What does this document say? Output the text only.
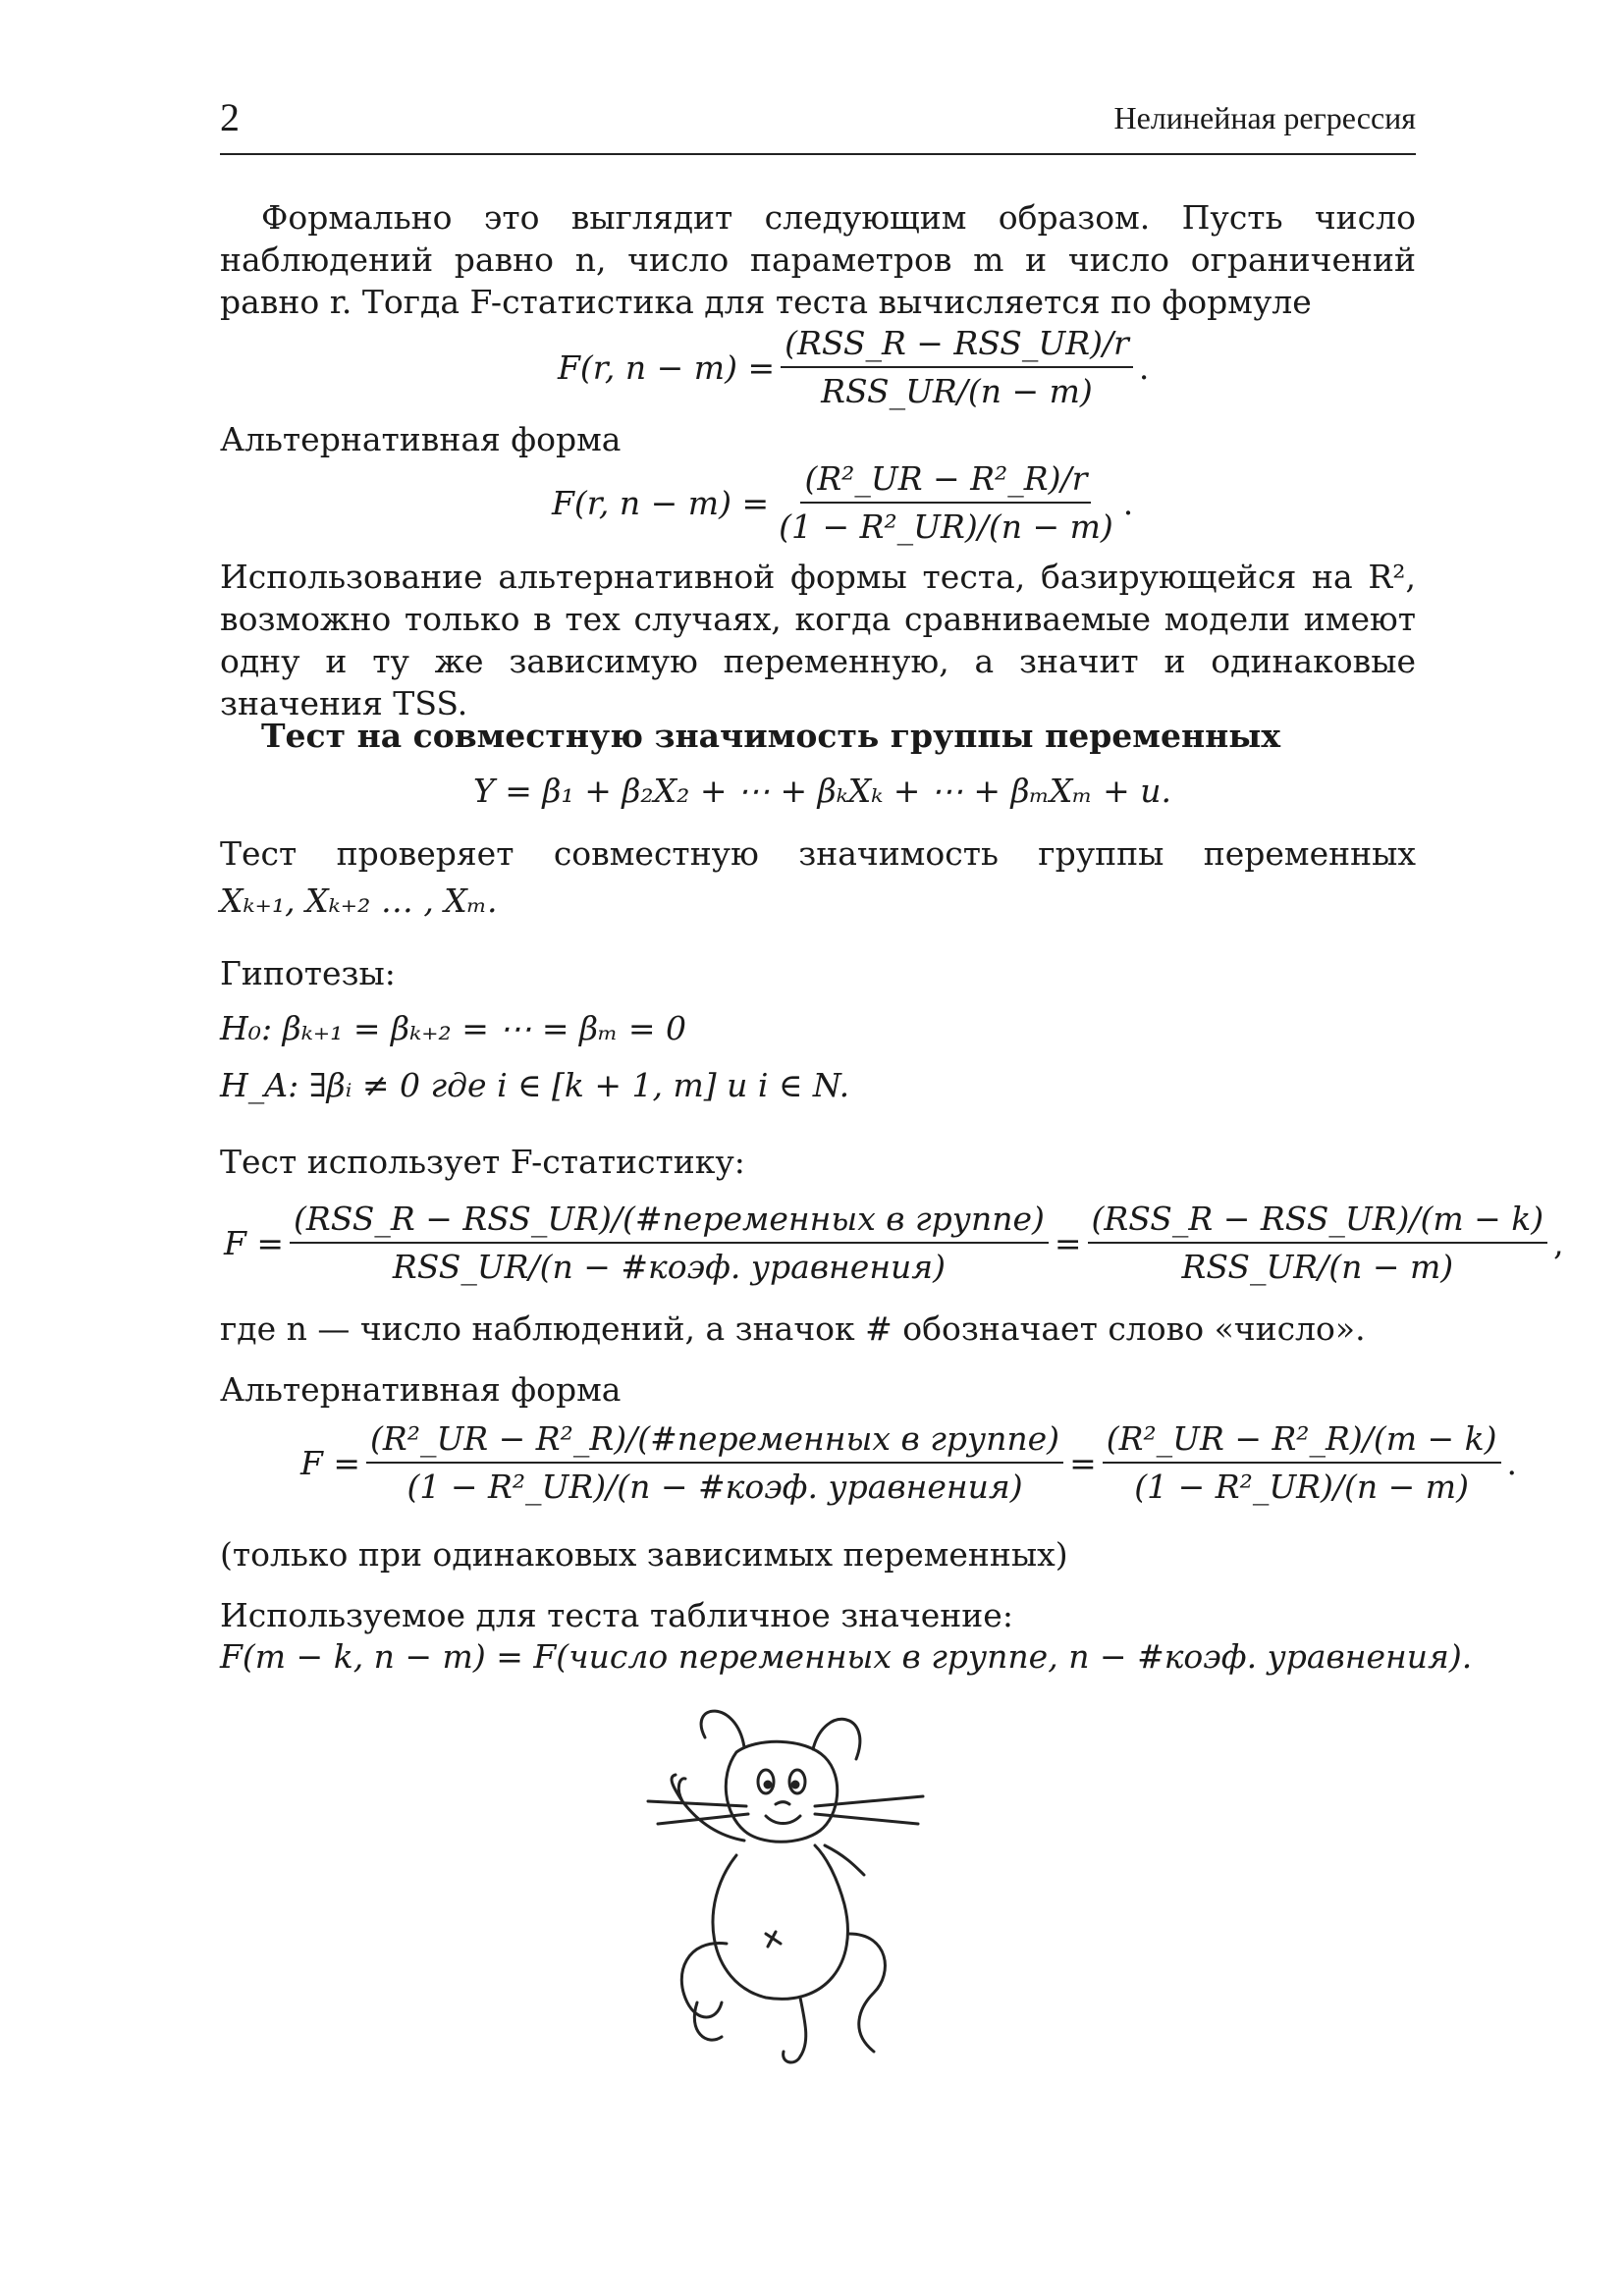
2	Нелинейная регрессия
Формально это выглядит следующим образом. Пусть число наблюдений равно n, число параметров m и число ограничений равно r. Тогда F-статистика для теста вычисляется по формуле
F(r, $n - m) = \frac{\text{(RSS\_R − RSS\_UR)/r}}{\text{RSS\_UR/(n − m)}}$ .
Альтернативная форма
F(r, $n - m) = \frac{\text{(R²\_UR − R²\_R)/r}}{\text{(1 − R²\_UR)/(n − m)}}$ .
Использование альтернативной формы теста, базирующейся на R², возможно только в тех случаях, когда сравниваемые модели имеют одну и ту же зависимую переменную, а значит и одинаковые значения TSS.
Тест на совместную значимость группы переменных
Y = β₁ + β₂X₂ + ⋯ + βₖXₖ + ⋯ + βₘXₘ + u.
Тест проверяет совместную значимость группы переменных
Xₖ₊₁, Xₖ₊₂ … , Xₘ.
Гипотезы:
H₀: βₖ₊₁ = βₖ₊₂ = ⋯ = βₘ = 0
H_A: ∃βᵢ ≠ 0 где i ∈ [k + 1, m] и i ∈ N.
Тест использует F-статистику:
$F = \frac{\text{(RSS\_R − RSS\_UR)/(\#переменных в группе)}}{\text{RSS\_UR/(n − \#коэф. уравнения)}} = \frac{\text{(RSS\_R − RSS\_UR)/(m − k)}}{\text{RSS\_UR/(n − m)}}$ ,
где n — число наблюдений, а значок # обозначает слово «число».
Альтернативная форма
$F = \frac{\text{(R²\_UR − R²\_R)/(\#переменных в группе)}}{\text{(1 − R²\_UR)/(n − \#коэф. уравнения)}} = \frac{\text{(R²\_UR − R²\_R)/(m − k)}}{\text{(1 − R²\_UR)/(n − m)}}$ .
(только при одинаковых зависимых переменных)
Используемое для теста табличное значение:
F(m − k, n − m) = F(число переменных в группе, n − #коэф. уравнения).
